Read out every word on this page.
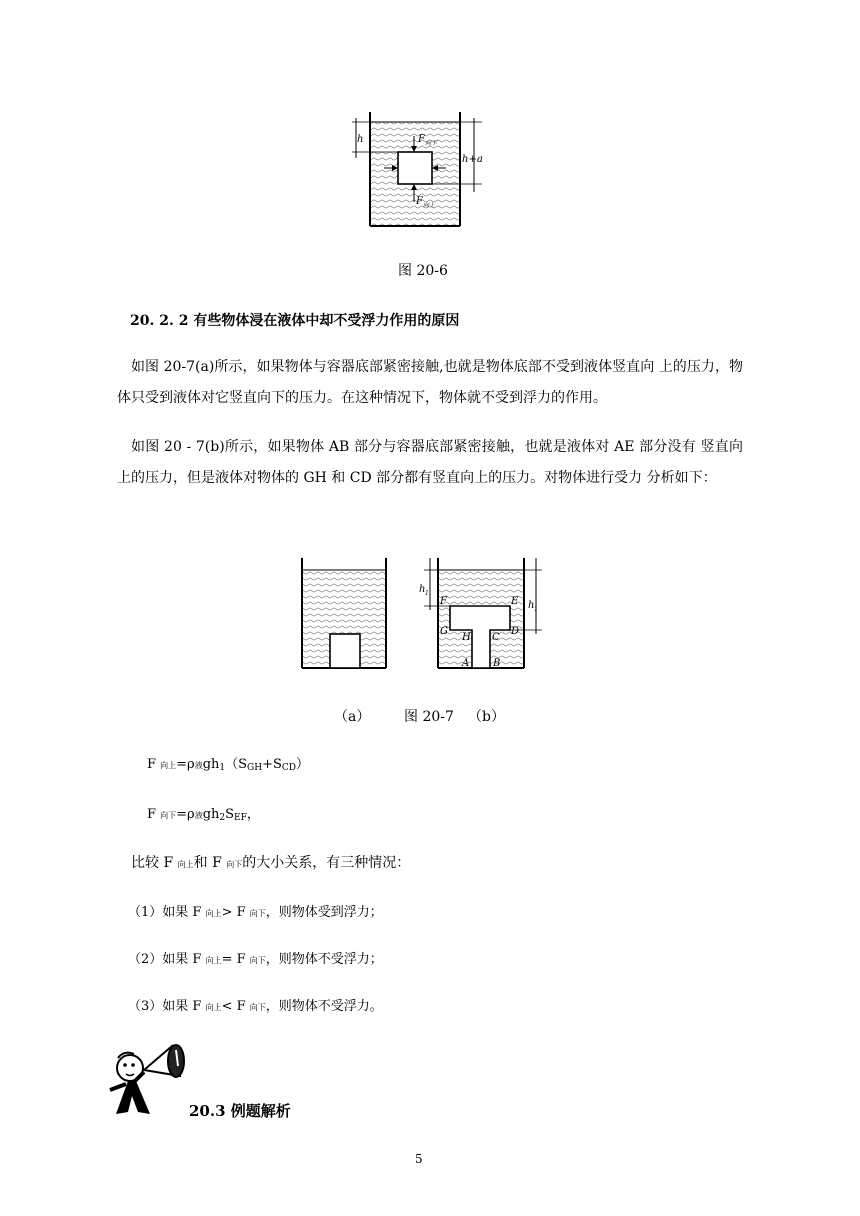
h
h+a
F 向下
F 向上
图 20-6
20. 2. 2 有些物体浸在液体中却不受浮力作用的原因
如图 20-7(a)所示，如果物体与容器底部紧密接触,也就是物体底部不受到液体竖直向 上的压力，物体只受到液体对它竖直向下的压力。在这种情况下，物体就不受到浮力的作用。
如图 20 - 7(b)所示，如果物体 AB 部分与容器底部紧密接触，也就是液体对 AE 部分没有 竖直向上的压力，但是液体对物体的 GH 和 CD 部分都有竖直向上的压力。对物体进行受力 分析如下：
h 1
h 1
F	E
G
H C
D
A B
（a） 图 20-7 （b）
F 向上=ρ液gh1（SGH+SCD）
F 向下=ρ液gh2SEF，
比较 F 向上和 F 向下的大小关系，有三种情况：
（1）如果 F 向上> F 向下，则物体受到浮力；
（2）如果 F 向上= F 向下，则物体不受浮力；
（3）如果 F 向上< F 向下，则物体不受浮力。
20.3 例题解析
5
